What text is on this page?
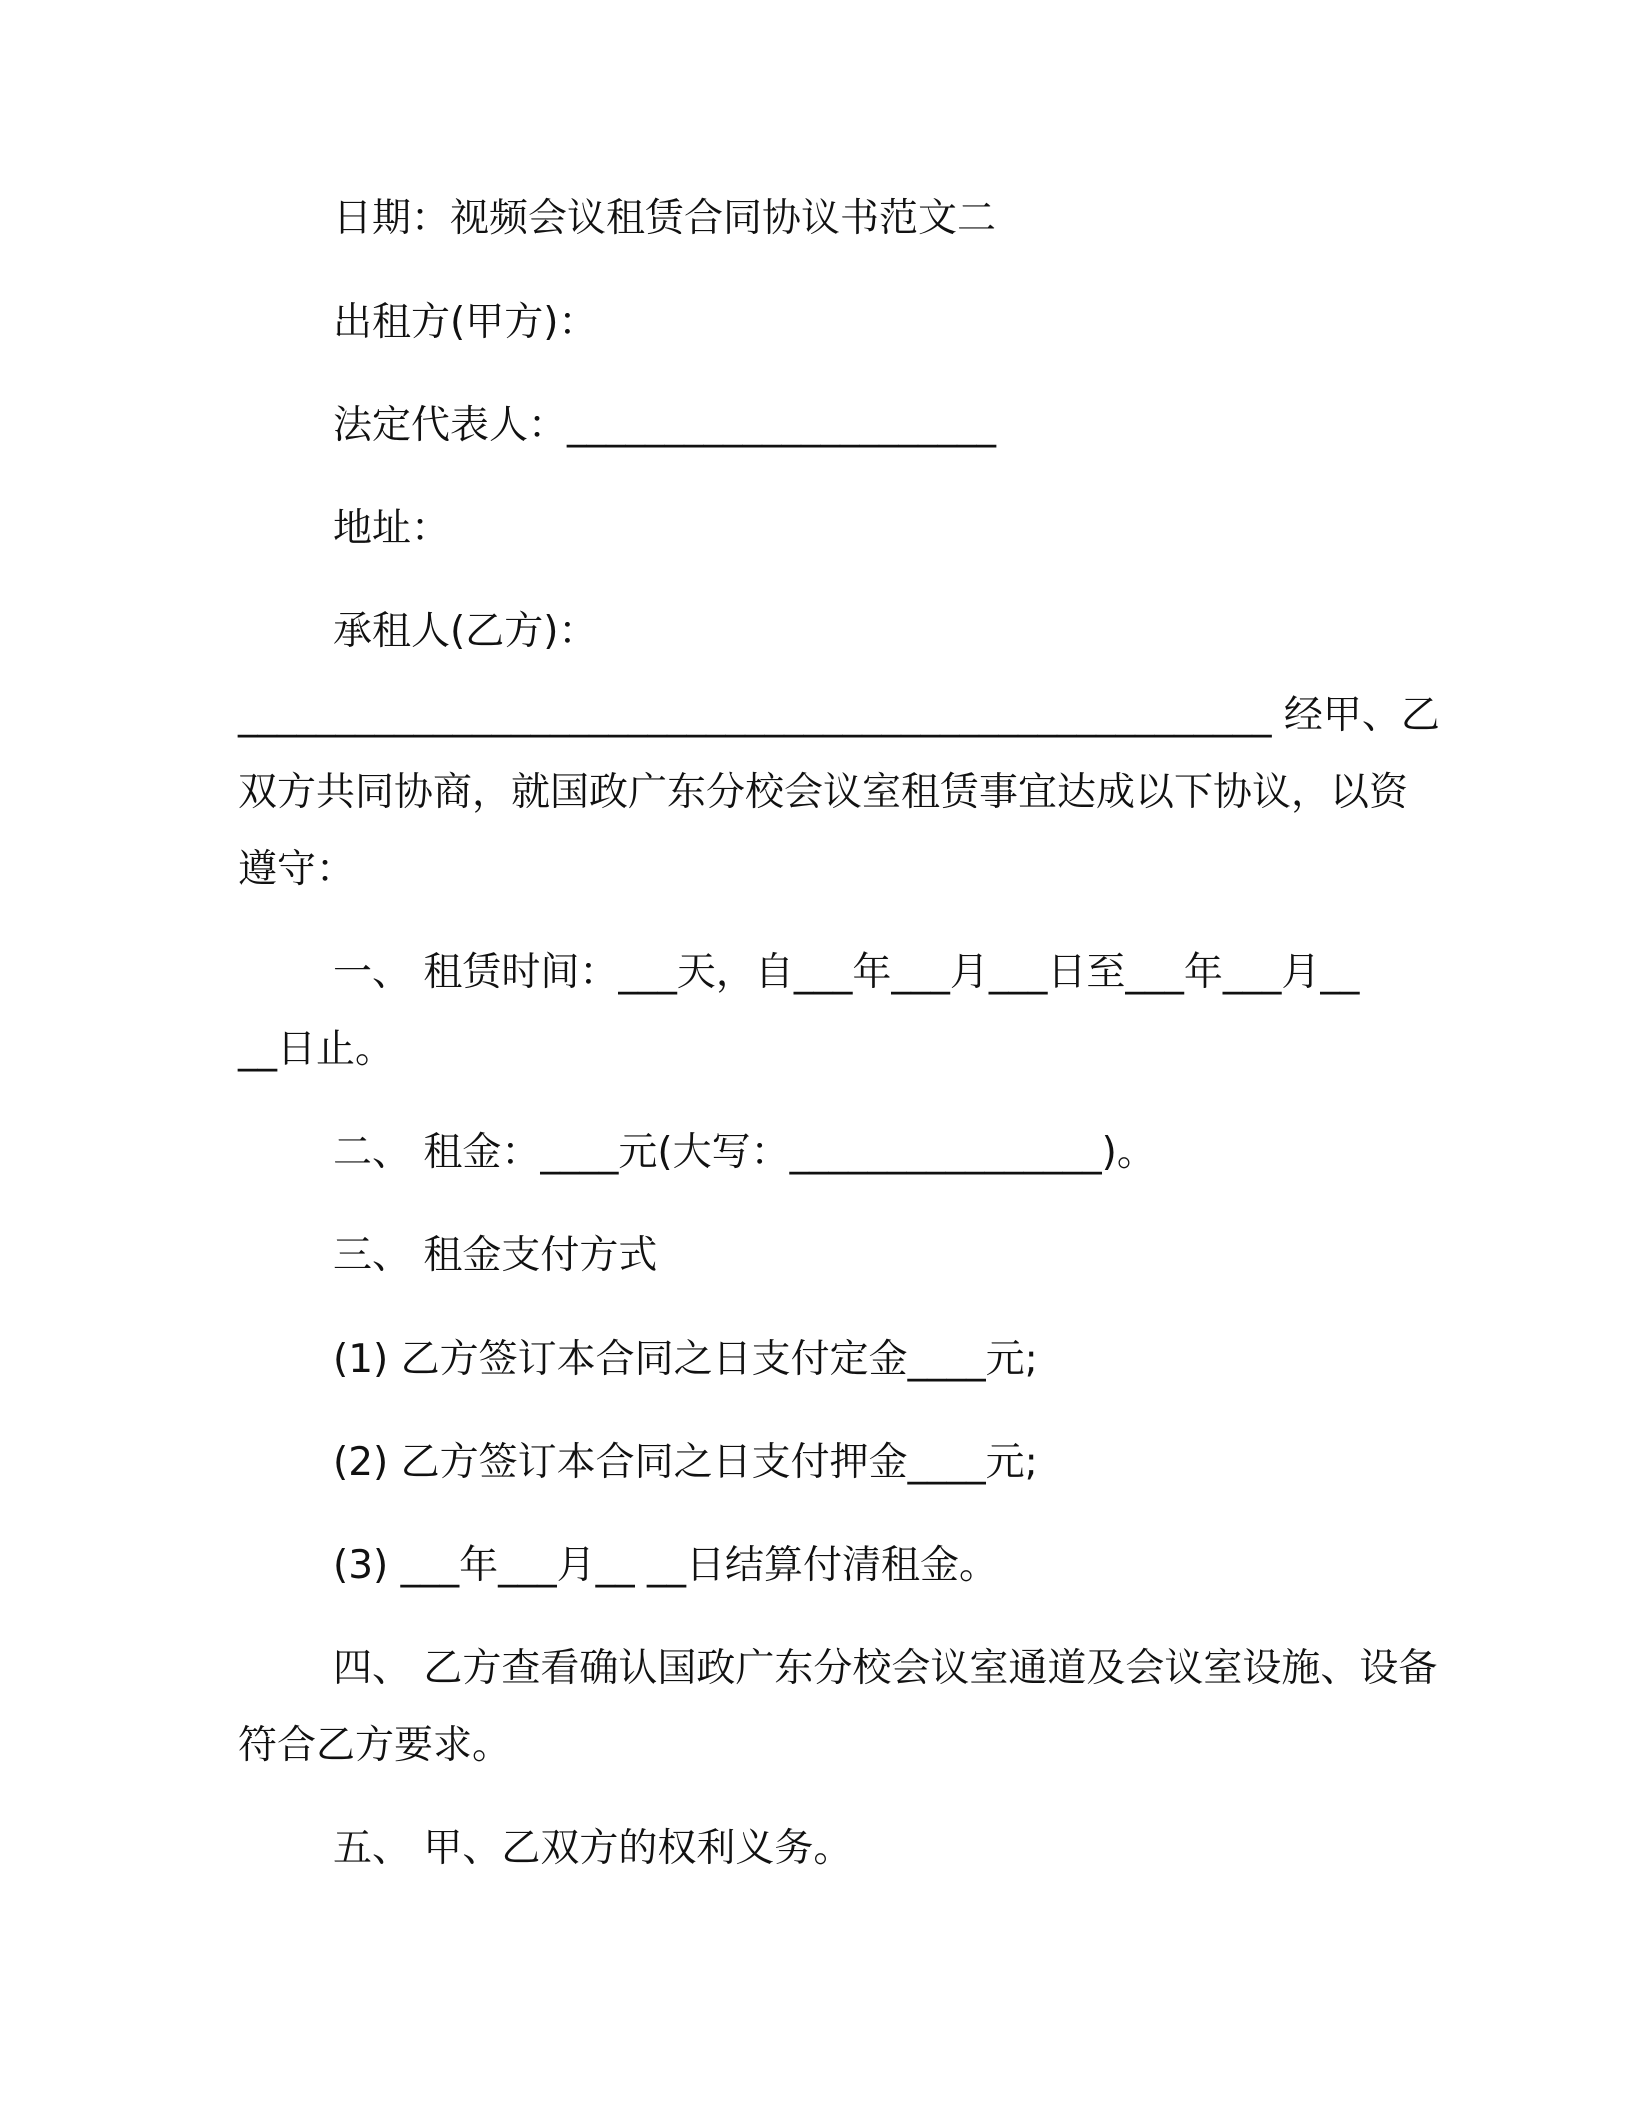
日期：视频会议租赁合同协议书范文二
出租方(甲方)：
法定代表人：______________________
地址：
承租人(乙方)：
_____________________________________________________ 经甲、乙
双方共同协商，就国政广东分校会议室租赁事宜达成以下协议，以资
遵守：
一、 租赁时间：___天，自___年___月___日至___年___月__
__日止。
二、 租金：____元(大写：________________)。
三、 租金支付方式
(1) 乙方签订本合同之日支付定金____元;
(2) 乙方签订本合同之日支付押金____元;
(3) ___年___月__ __日结算付清租金。
四、 乙方查看确认国政广东分校会议室通道及会议室设施、设备
符合乙方要求。
五、 甲、乙双方的权利义务。
